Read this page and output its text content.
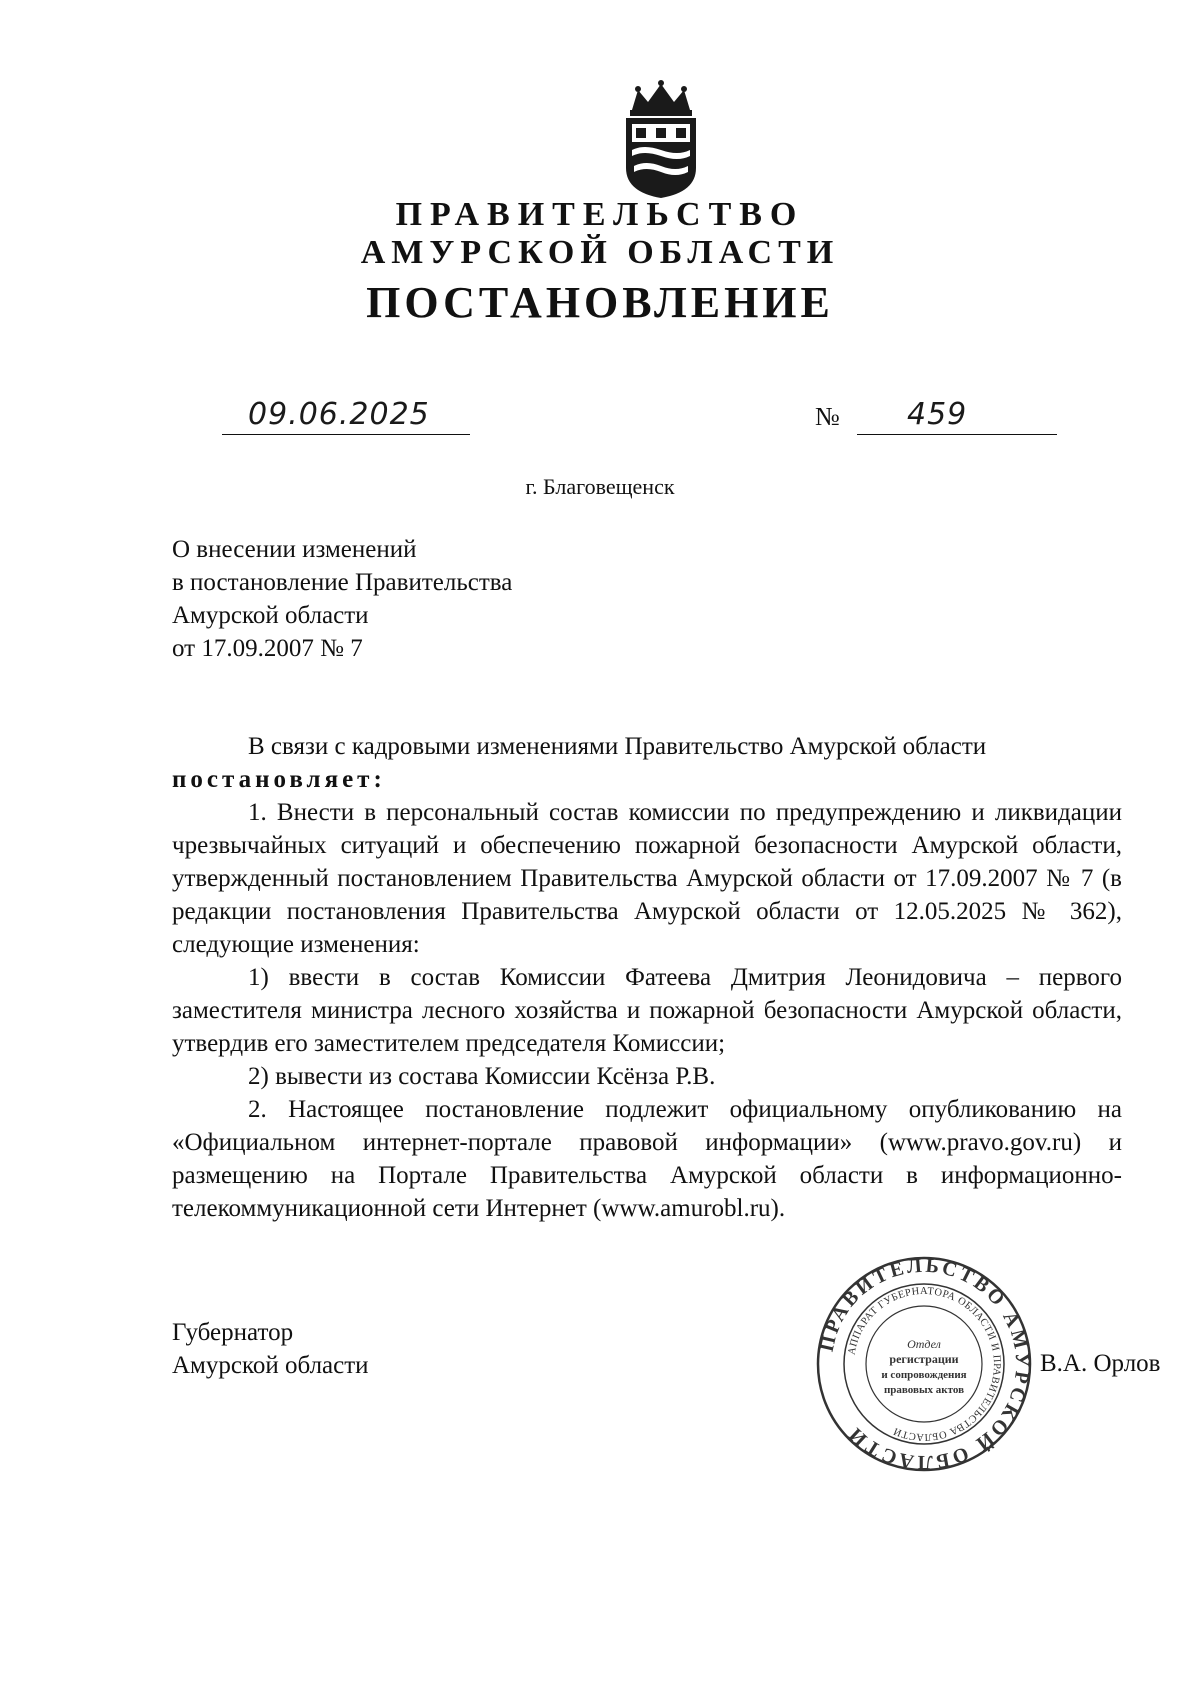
ПРАВИТЕЛЬСТВО
АМУРСКОЙ ОБЛАСТИ
ПОСТАНОВЛЕНИЕ
09.06.2025	№ 459
г. Благовещенск
О внесении изменений
в постановление Правительства
Амурской области
от 17.09.2007 № 7

В связи с кадровыми изменениями Правительство Амурской области

постановляет:

1. Внести в персональный состав комиссии по предупреждению и ликвидации чрезвычайных ситуаций и обеспечению пожарной безопасности Амурской области, утвержденный постановлением Правительства Амурской области от 17.09.2007 № 7 (в редакции постановления Правительства Амурской области от 12.05.2025 № 362), следующие изменения:

1) ввести в состав Комиссии Фатеева Дмитрия Леонидовича – первого заместителя министра лесного хозяйства и пожарной безопасности Амурской области, утвердив его заместителем председателя Комиссии;

2) вывести из состава Комиссии Ксёнза Р.В.

2. Настоящее постановление подлежит официальному опубликованию на «Официальном интернет-портале правовой информации» (www.pravo.gov.ru) и размещению на Портале Правительства Амурской области в информационно-телекоммуникационной сети Интернет (www.amurobl.ru).

Губернатор
Амурской области
ПРАВИТЕЛЬСТВО АМУРСКОЙ ОБЛАСТИ
АППАРАТ ГУБЕРНАТОРА ОБЛАСТИ И ПРАВИТЕЛЬСТВА ОБЛАСТИ
Отдел
регистрации
и сопровождения
правовых актов
В.А. Орлов
